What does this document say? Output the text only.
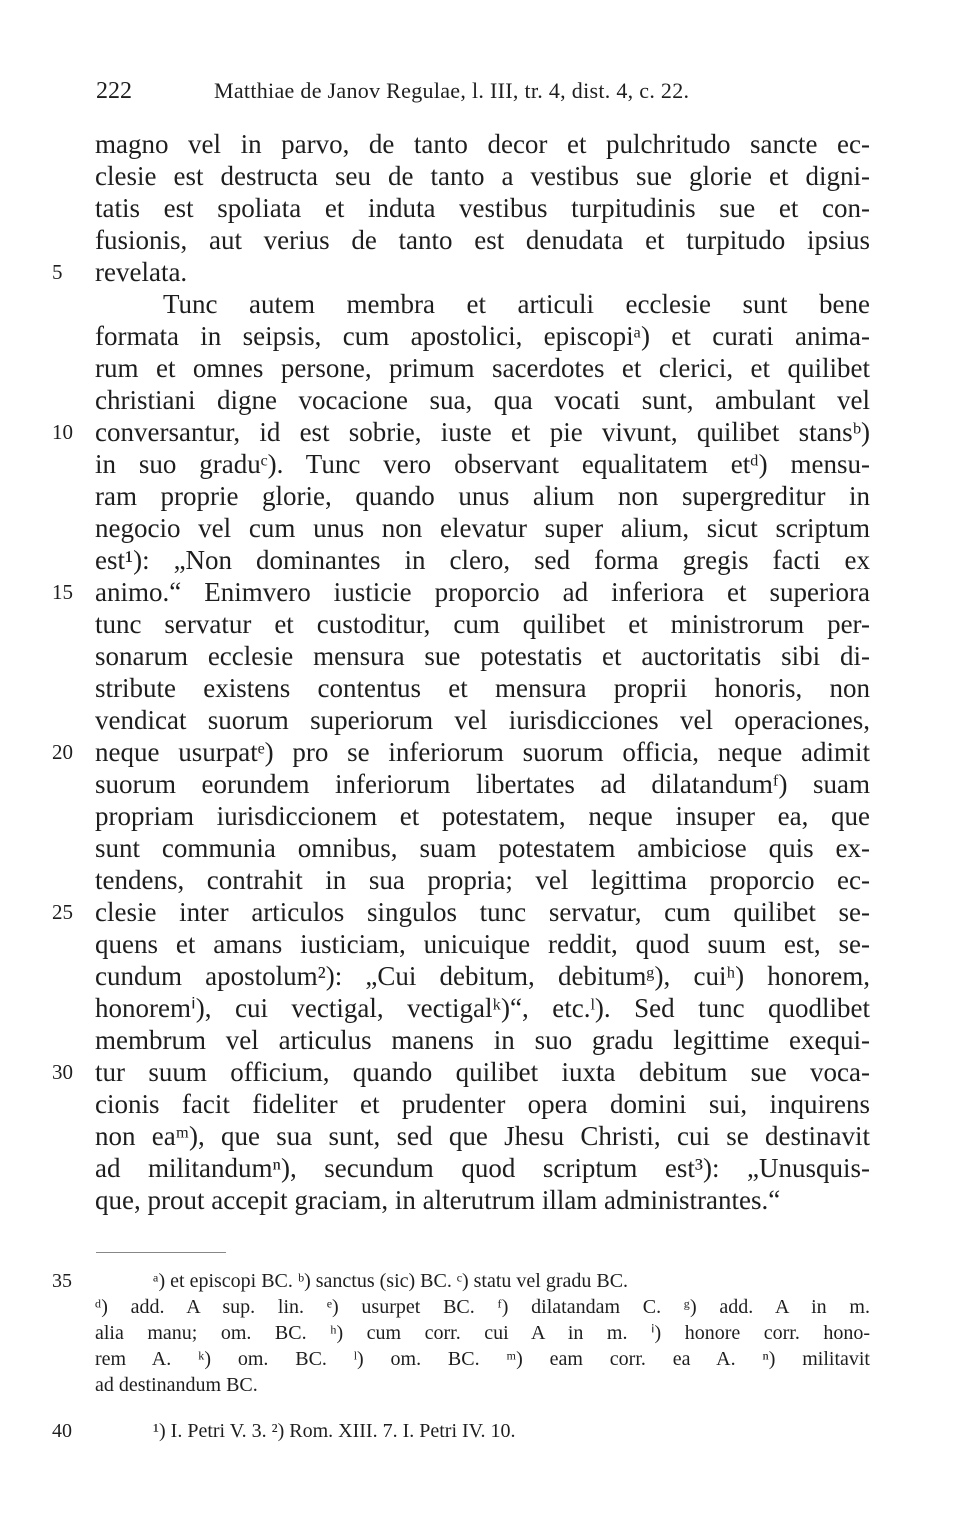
222	Matthiae de Janov Regulae, l. III, tr. 4, dist. 4, c. 22.
magno vel in parvo, de tanto decor et pulchritudo sancte ec-
clesie est destructa seu de tanto a vestibus sue glorie et digni-
tatis est spoliata et induta vestibus turpitudinis sue et con-
fusionis, aut verius de tanto est denudata et turpitudo ipsius
revelata.
Tunc autem membra et articuli ecclesie sunt bene
formata in seipsis, cum apostolici, episcopiᵃ) et curati anima-
rum et omnes persone, primum sacerdotes et clerici, et quilibet
christiani digne vocacione sua, qua vocati sunt, ambulant vel
conversantur, id est sobrie, iuste et pie vivunt, quilibet stansᵇ)
in suo graduᶜ). Tunc vero observant equalitatem etᵈ) mensu-
ram proprie glorie, quando unus alium non supergreditur in
negocio vel cum unus non elevatur super alium, sicut scriptum
est¹): „Non dominantes in clero, sed forma gregis facti ex
animo.“ Enimvero iusticie proporcio ad inferiora et superiora
tunc servatur et custoditur, cum quilibet et ministrorum per-
sonarum ecclesie mensura sue potestatis et auctoritatis sibi di-
stribute existens contentus et mensura proprii honoris, non
vendicat suorum superiorum vel iurisdicciones vel operaciones,
neque usurpatᵉ) pro se inferiorum suorum officia, neque adimit
suorum eorundem inferiorum libertates ad dilatandumᶠ) suam
propriam iurisdiccionem et potestatem, neque insuper ea, que
sunt communia omnibus, suam potestatem ambiciose quis ex-
tendens, contrahit in sua propria; vel legittima proporcio ec-
clesie inter articulos singulos tunc servatur, cum quilibet se-
quens et amans iusticiam, unicuique reddit, quod suum est, se-
cundum apostolum²): „Cui debitum, debitumᵍ), cuiʰ) honorem,
honoremⁱ), cui vectigal, vectigalᵏ)“, etc.ˡ). Sed tunc quodlibet
membrum vel articulus manens in suo gradu legittime exequi-
tur suum officium, quando quilibet iuxta debitum sue voca-
cionis facit fideliter et prudenter opera domini sui, inquirens
non eaᵐ), que sua sunt, sed que Jhesu Christi, cui se destinavit
ad militandumⁿ), secundum quod scriptum est³): „Unusquis-
que, prout accepit graciam, in alterutrum illam administrantes.“
5
10
15
20
25
30
ᵃ) et episcopi BC. ᵇ) sanctus (sic) BC. ᶜ) statu vel gradu BC.
ᵈ) add. A sup. lin. ᵉ) usurpet BC. ᶠ) dilatandam C. ᵍ) add. A in m.
alia manu; om. BC. ʰ) cum corr. cui A in m. ⁱ) honore corr. hono-
rem A. ᵏ) om. BC. ˡ) om. BC. ᵐ) eam corr. ea A. ⁿ) militavit
ad destinandum BC.
¹) I. Petri V. 3. ²) Rom. XIII. 7. I. Petri IV. 10.
35
40
